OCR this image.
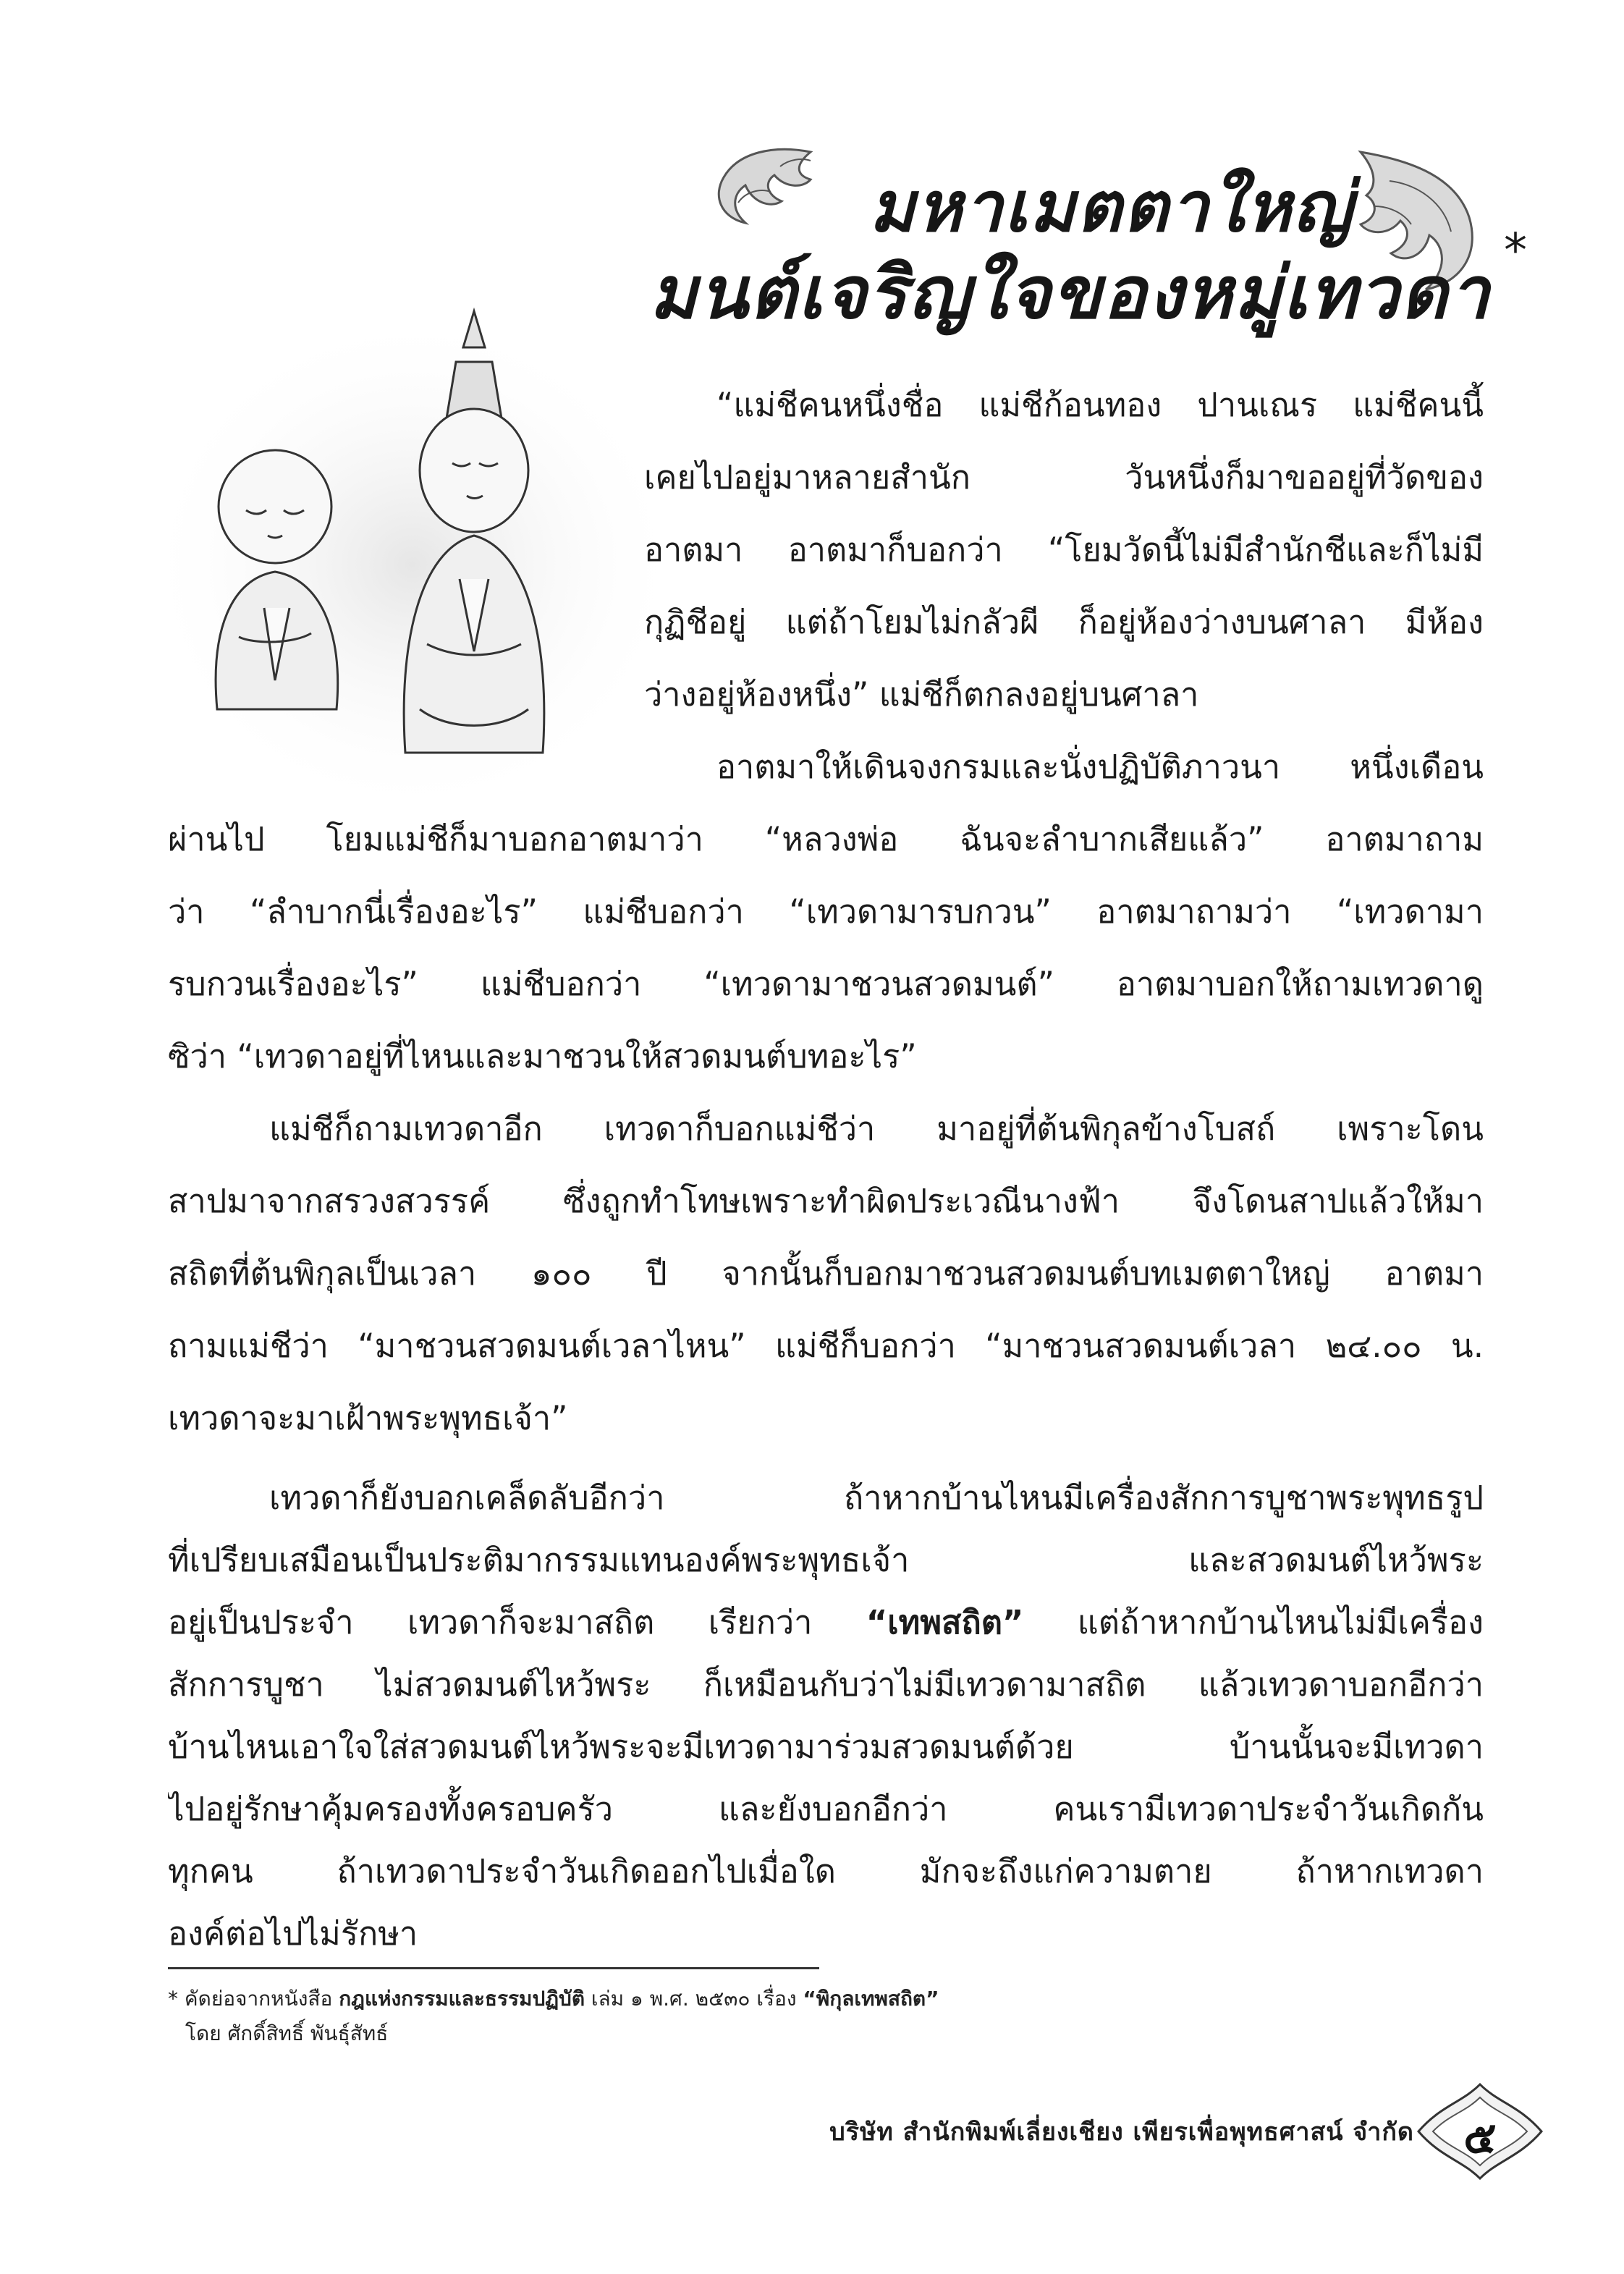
มหาเมตตาใหญ่
มนต์เจริญใจของหมู่เทวดา *
“แม่ชีคนหนึ่งชื่อ แม่ชีก้อนทอง ปานเณร แม่ชีคนนี้
เคยไปอยู่มาหลายสำนัก วันหนึ่งก็มาขออยู่ที่วัดของ
อาตมา อาตมาก็บอกว่า “โยมวัดนี้ไม่มีสำนักชีและก็ไม่มี
กุฏิชีอยู่ แต่ถ้าโยมไม่กลัวผี ก็อยู่ห้องว่างบนศาลา มีห้อง
ว่างอยู่ห้องหนึ่ง” แม่ชีก็ตกลงอยู่บนศาลา
อาตมาให้เดินจงกรมและนั่งปฏิบัติภาวนา หนึ่งเดือน
ผ่านไป โยมแม่ชีก็มาบอกอาตมาว่า “หลวงพ่อ ฉันจะลำบากเสียแล้ว” อาตมาถาม
ว่า “ลำบากนี่เรื่องอะไร” แม่ชีบอกว่า “เทวดามารบกวน” อาตมาถามว่า “เทวดามา
รบกวนเรื่องอะไร” แม่ชีบอกว่า “เทวดามาชวนสวดมนต์” อาตมาบอกให้ถามเทวดาดู
ซิว่า “เทวดาอยู่ที่ไหนและมาชวนให้สวดมนต์บทอะไร”
แม่ชีก็ถามเทวดาอีก เทวดาก็บอกแม่ชีว่า มาอยู่ที่ต้นพิกุลข้างโบสถ์ เพราะโดน
สาปมาจากสรวงสวรรค์ ซึ่งถูกทำโทษเพราะทำผิดประเวณีนางฟ้า จึงโดนสาปแล้วให้มา
สถิตที่ต้นพิกุลเป็นเวลา ๑๐๐ ปี จากนั้นก็บอกมาชวนสวดมนต์บทเมตตาใหญ่ อาตมา
ถามแม่ชีว่า “มาชวนสวดมนต์เวลาไหน” แม่ชีก็บอกว่า “มาชวนสวดมนต์เวลา ๒๔.๐๐ น.
เทวดาจะมาเฝ้าพระพุทธเจ้า”
เทวดาก็ยังบอกเคล็ดลับอีกว่า ถ้าหากบ้านไหนมีเครื่องสักการบูชาพระพุทธรูป
ที่เปรียบเสมือนเป็นประติมากรรมแทนองค์พระพุทธเจ้า และสวดมนต์ไหว้พระ
อยู่เป็นประจำ เทวดาก็จะมาสถิต เรียกว่า “เทพสถิต” แต่ถ้าหากบ้านไหนไม่มีเครื่อง
สักการบูชา ไม่สวดมนต์ไหว้พระ ก็เหมือนกับว่าไม่มีเทวดามาสถิต แล้วเทวดาบอกอีกว่า
บ้านไหนเอาใจใส่สวดมนต์ไหว้พระจะมีเทวดามาร่วมสวดมนต์ด้วย บ้านนั้นจะมีเทวดา
ไปอยู่รักษาคุ้มครองทั้งครอบครัว และยังบอกอีกว่า คนเรามีเทวดาประจำวันเกิดกัน
ทุกคน ถ้าเทวดาประจำวันเกิดออกไปเมื่อใด มักจะถึงแก่ความตาย ถ้าหากเทวดา
องค์ต่อไปไม่รักษา
* คัดย่อจากหนังสือ กฎแห่งกรรมและธรรมปฏิบัติ เล่ม ๑ พ.ศ. ๒๕๓๐ เรื่อง “พิกุลเทพสถิต”
โดย ศักดิ์สิทธิ์ พันธุ์สัทธ์
บริษัท สำนักพิมพ์เลี่ยงเชียง เพียรเพื่อพุทธศาสน์ จำกัด	๕
